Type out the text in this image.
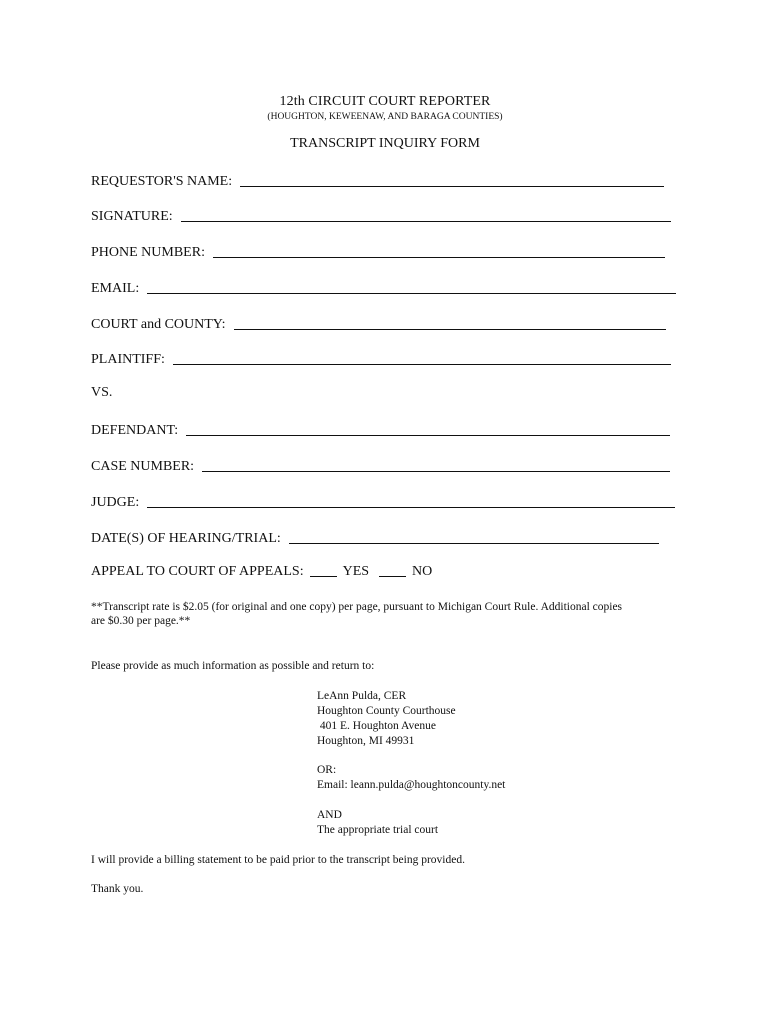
12th CIRCUIT COURT REPORTER
(HOUGHTON, KEWEENAW, AND BARAGA COUNTIES)
TRANSCRIPT INQUIRY FORM
REQUESTOR'S NAME:
SIGNATURE:
PHONE NUMBER:
EMAIL:
COURT and COUNTY:
PLAINTIFF:
VS.
DEFENDANT:
CASE NUMBER:
JUDGE:
DATE(S) OF HEARING/TRIAL:
APPEAL TO COURT OF APPEALS:	YES	NO
**Transcript rate is $2.05 (for original and one copy) per page, pursuant to Michigan Court Rule. Additional copies
are $0.30 per page.**
Please provide as much information as possible and return to:
LeAnn Pulda, CER
Houghton County Courthouse
401 E. Houghton Avenue
Houghton, MI 49931
OR:
Email: leann.pulda@houghtoncounty.net
AND
The appropriate trial court
I will provide a billing statement to be paid prior to the transcript being provided.
Thank you.
